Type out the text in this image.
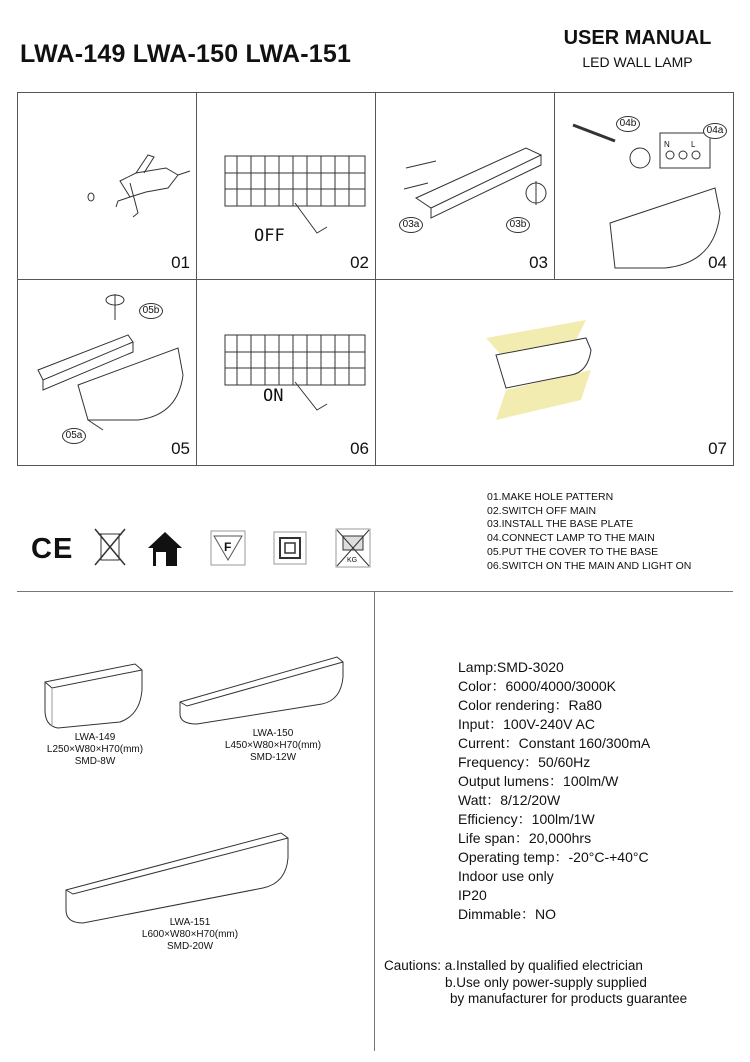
LWA-149 LWA-150 LWA-151
USER MANUAL
LED WALL LAMP
01
OFF
02
03a	03b
03
04b
04a
N	L
04
05b
05a
05
ON
06	07
CE	F
KG
01.MAKE HOLE PATTERN
02.SWITCH OFF MAIN
03.INSTALL THE BASE PLATE
04.CONNECT LAMP TO THE MAIN
05.PUT THE COVER TO THE BASE
06.SWITCH ON THE MAIN AND LIGHT ON
LWA-149
L250×W80×H70(mm)
SMD-8W
LWA-150
L450×W80×H70(mm)
SMD-12W
LWA-151
L600×W80×H70(mm)
SMD-20W
Lamp:SMD-3020
Color：6000/4000/3000K
Color rendering：Ra80
Input：100V-240V AC
Current：Constant 160/300mA
Frequency：50/60Hz
Output lumens：100lm/W
Watt：8/12/20W
Efficiency：100lm/1W
Life span：20,000hrs
Operating temp：-20°C-+40°C
Indoor use only
IP20
Dimmable：NO
Cautions: a.Installed by qualified electrician
b.Use only power-supply supplied
by manufacturer for products guarantee
